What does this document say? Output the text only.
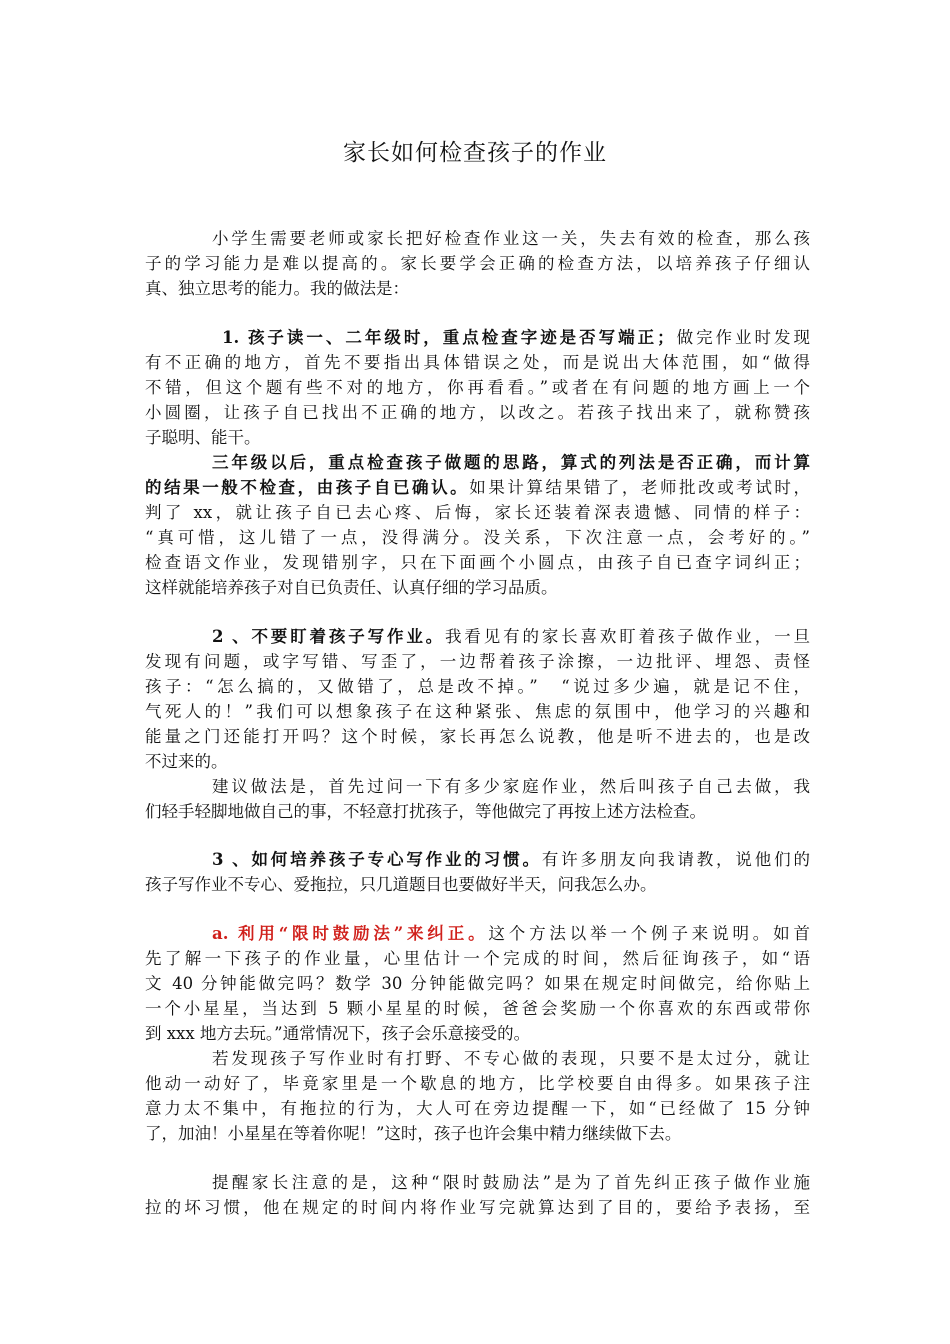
家长如何检查孩子的作业
小学生需要老师或家长把好检查作业这一关，失去有效的检查，那么孩
子的学习能力是难以提高的。家长要学会正确的检查方法，以培养孩子仔细认
真、独立思考的能力。我的做法是：
1. 孩子读一、二年级时，重点检查字迹是否写端正；做完作业时发现
有不正确的地方，首先不要指出具体错误之处，而是说出大体范围，如“做得
不错，但这个题有些不对的地方，你再看看。”或者在有问题的地方画上一个
小圆圈，让孩子自已找出不正确的地方，以改之。若孩子找出来了，就称赞孩
子聪明、能干。
三年级以后，重点检查孩子做题的思路，算式的列法是否正确，而计算
的结果一般不检查，由孩子自已确认。如果计算结果错了，老师批改或考试时，
判了 xx，就让孩子自已去心疼、后悔，家长还装着深表遗憾、同情的样子：
“真可惜，这儿错了一点，没得满分。没关系，下次注意一点，会考好的。”
检查语文作业，发现错别字，只在下面画个小圆点，由孩子自已查字词纠正；
这样就能培养孩子对自已负责任、认真仔细的学习品质。
2 、不要盯着孩子写作业。我看见有的家长喜欢盯着孩子做作业，一旦
发现有问题，或字写错、写歪了，一边帮着孩子涂擦，一边批评、埋怨、责怪
孩子：“怎么搞的，又做错了，总是改不掉。”　“说过多少遍，就是记不住，
气死人的！”我们可以想象孩子在这种紧张、焦虑的氛围中，他学习的兴趣和
能量之门还能打开吗？这个时候，家长再怎么说教，他是听不进去的，也是改
不过来的。
建议做法是，首先过问一下有多少家庭作业，然后叫孩子自己去做，我
们轻手轻脚地做自己的事，不轻意打扰孩子，等他做完了再按上述方法检查。
3 、如何培养孩子专心写作业的习惯。有许多朋友向我请教，说他们的
孩子写作业不专心、爱拖拉，只几道题目也要做好半天，问我怎么办。
a. 利用“限时鼓励法”来纠正。这个方法以举一个例子来说明。如首
先了解一下孩子的作业量，心里估计一个完成的时间，然后征询孩子，如“语
文 40 分钟能做完吗？数学 30 分钟能做完吗？如果在规定时间做完，给你贴上
一个小星星，当达到 5 颗小星星的时候，爸爸会奖励一个你喜欢的东西或带你
到 xxx 地方去玩。”通常情况下，孩子会乐意接受的。
若发现孩子写作业时有打野、不专心做的表现，只要不是太过分，就让
他动一动好了，毕竟家里是一个歇息的地方，比学校要自由得多。如果孩子注
意力太不集中，有拖拉的行为，大人可在旁边提醒一下，如“已经做了 15 分钟
了，加油！小星星在等着你呢！”这时，孩子也许会集中精力继续做下去。
提醒家长注意的是，这种“限时鼓励法”是为了首先纠正孩子做作业施
拉的坏习惯，他在规定的时间内将作业写完就算达到了目的，要给予表扬，至
